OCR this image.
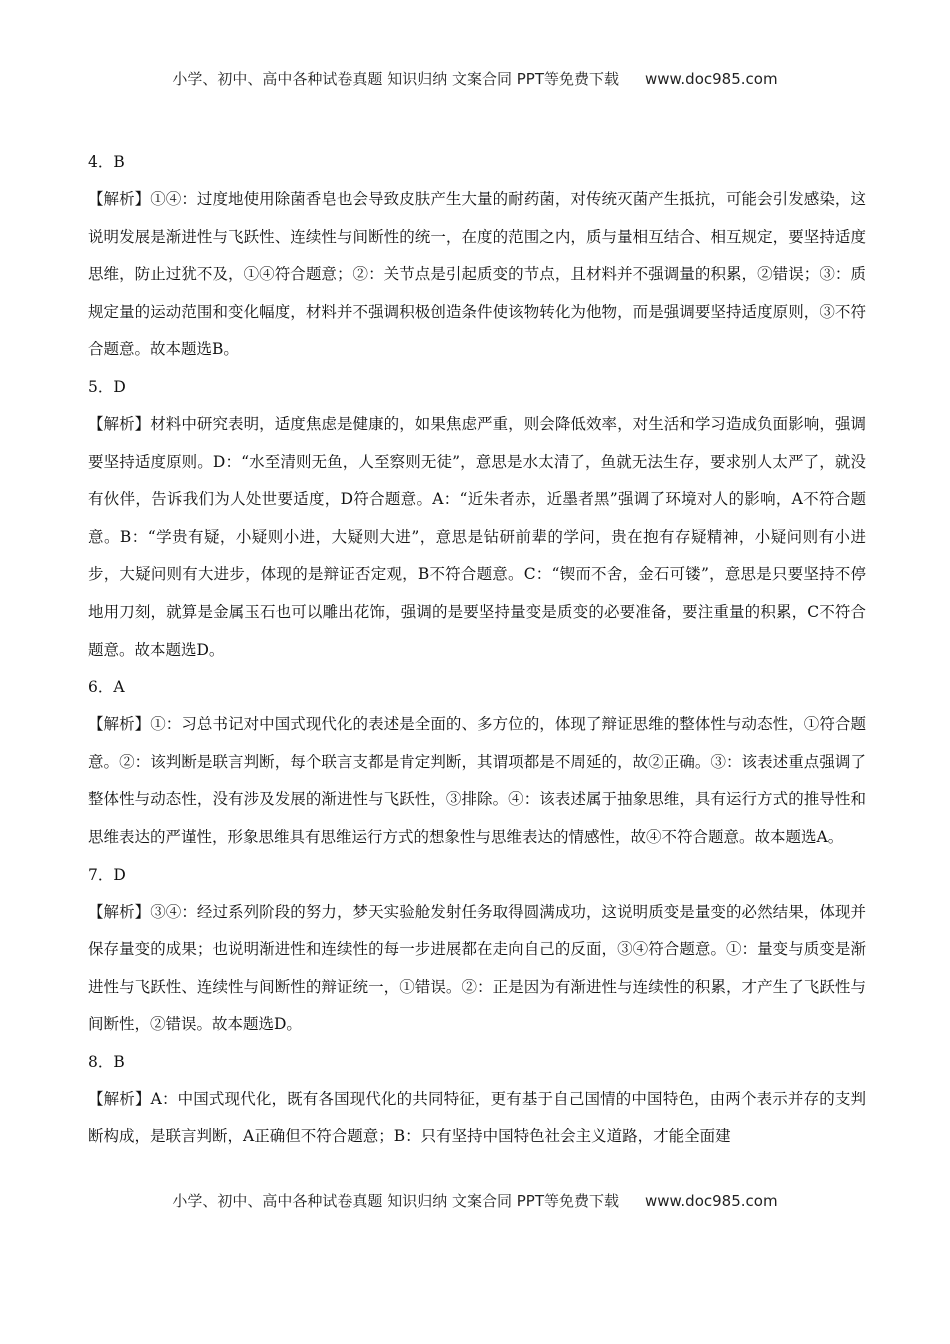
小学、初中、高中各种试卷真题 知识归纳 文案合同 PPT等免费下载 www.doc985.com
4．B
【解析】①④：过度地使用除菌香皂也会导致皮肤产生大量的耐药菌，对传统灭菌产生抵抗，可能会引发感染，这说明发展是渐进性与飞跃性、连续性与间断性的统一，在度的范围之内，质与量相互结合、相互规定，要坚持适度思维，防止过犹不及，①④符合题意；②：关节点是引起质变的节点，且材料并不强调量的积累，②错误；③：质规定量的运动范围和变化幅度，材料并不强调积极创造条件使该物转化为他物，而是强调要坚持适度原则，③不符合题意。故本题选B。
5．D
【解析】材料中研究表明，适度焦虑是健康的，如果焦虑严重，则会降低效率，对生活和学习造成负面影响，强调要坚持适度原则。D：“水至清则无鱼，人至察则无徒”，意思是水太清了，鱼就无法生存，要求别人太严了，就没有伙伴，告诉我们为人处世要适度，D符合题意。A：“近朱者赤，近墨者黑”强调了环境对人的影响，A不符合题意。B：“学贵有疑，小疑则小进，大疑则大进”，意思是钻研前辈的学问，贵在抱有存疑精神，小疑问则有小进步，大疑问则有大进步，体现的是辩证否定观，B不符合题意。C：“锲而不舍，金石可镂”，意思是只要坚持不停地用刀刻，就算是金属玉石也可以雕出花饰，强调的是要坚持量变是质变的必要准备，要注重量的积累，C不符合题意。故本题选D。
6．A
【解析】①：习总书记对中国式现代化的表述是全面的、多方位的，体现了辩证思维的整体性与动态性，①符合题意。②：该判断是联言判断，每个联言支都是肯定判断，其谓项都是不周延的，故②正确。③：该表述重点强调了整体性与动态性，没有涉及发展的渐进性与飞跃性，③排除。④：该表述属于抽象思维，具有运行方式的推导性和思维表达的严谨性，形象思维具有思维运行方式的想象性与思维表达的情感性，故④不符合题意。故本题选A。
7．D
【解析】③④：经过系列阶段的努力，梦天实验舱发射任务取得圆满成功，这说明质变是量变的必然结果，体现并保存量变的成果；也说明渐进性和连续性的每一步进展都在走向自己的反面，③④符合题意。①：量变与质变是渐进性与飞跃性、连续性与间断性的辩证统一，①错误。②：正是因为有渐进性与连续性的积累，才产生了飞跃性与间断性，②错误。故本题选D。
8．B
【解析】A：中国式现代化，既有各国现代化的共同特征，更有基于自己国情的中国特色，由两个表示并存的支判断构成，是联言判断，A正确但不符合题意；B：只有坚持中国特色社会主义道路，才能全面建
小学、初中、高中各种试卷真题 知识归纳 文案合同 PPT等免费下载 www.doc985.com
